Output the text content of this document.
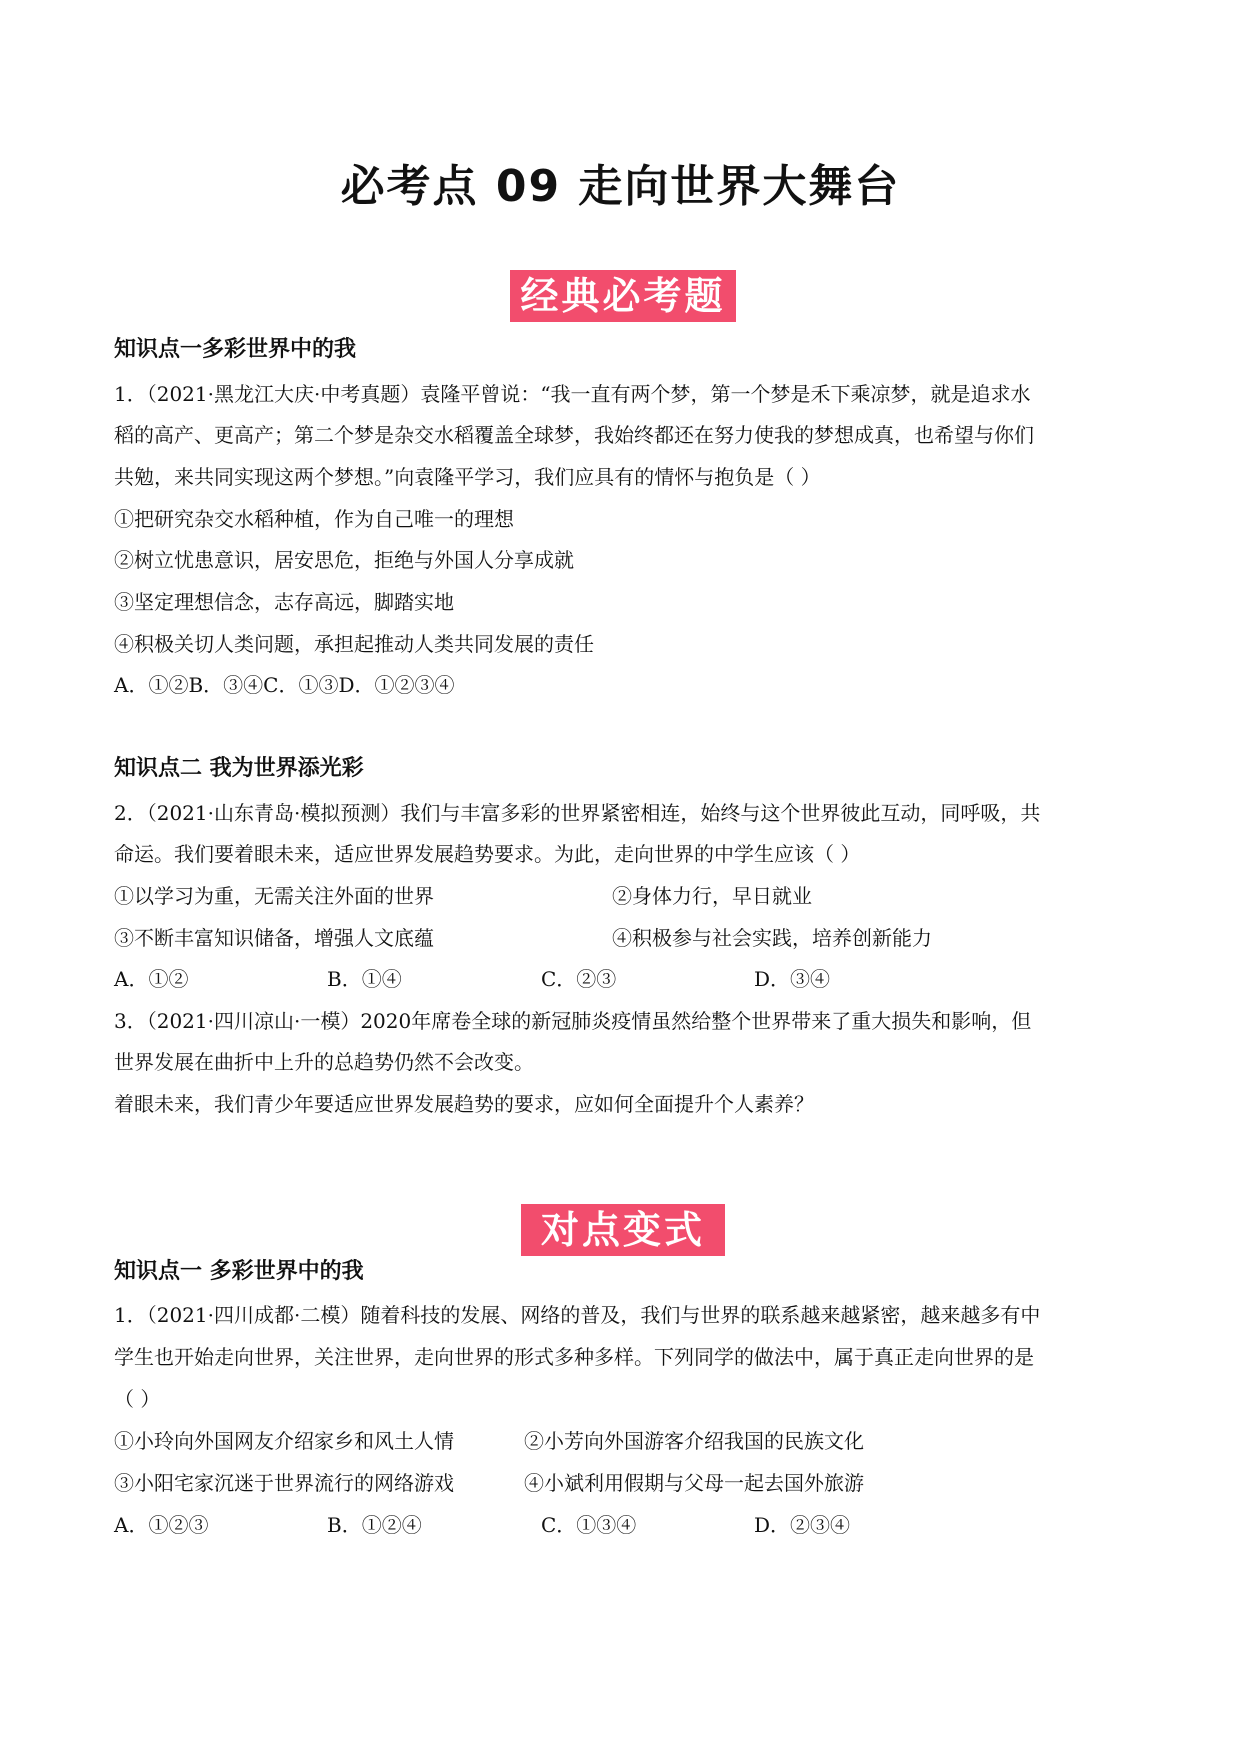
必考点 09 走向世界大舞台
经典必考题
知识点一多彩世界中的我
1．（2021·黑龙江大庆·中考真题）袁隆平曾说：“我一直有两个梦，第一个梦是禾下乘凉梦，就是追求水
稻的高产、更高产；第二个梦是杂交水稻覆盖全球梦，我始终都还在努力使我的梦想成真，也希望与你们
共勉，来共同实现这两个梦想。”向袁隆平学习，我们应具有的情怀与抱负是（ ）
①把研究杂交水稻种植，作为自己唯一的理想
②树立忧患意识，居安思危，拒绝与外国人分享成就
③坚定理想信念，志存高远，脚踏实地
④积极关切人类问题，承担起推动人类共同发展的责任
A．①②B．③④C．①③D．①②③④
知识点二 我为世界添光彩
2．（2021·山东青岛·模拟预测）我们与丰富多彩的世界紧密相连，始终与这个世界彼此互动，同呼吸，共
命运。我们要着眼未来，适应世界发展趋势要求。为此，走向世界的中学生应该（ ）
①以学习为重，无需关注外面的世界	②身体力行，早日就业
③不断丰富知识储备，增强人文底蕴	④积极参与社会实践，培养创新能力
A．①②	B．①④	C．②③	D．③④
3．（2021·四川凉山·一模）2020年席卷全球的新冠肺炎疫情虽然给整个世界带来了重大损失和影响，但
世界发展在曲折中上升的总趋势仍然不会改变。
着眼未来，我们青少年要适应世界发展趋势的要求，应如何全面提升个人素养？
对点变式练
知识点一 多彩世界中的我
1．（2021·四川成都·二模）随着科技的发展、网络的普及，我们与世界的联系越来越紧密，越来越多有中
学生也开始走向世界，关注世界，走向世界的形式多种多样。下列同学的做法中，属于真正走向世界的是
（ ）
①小玲向外国网友介绍家乡和风土人情	②小芳向外国游客介绍我国的民族文化
③小阳宅家沉迷于世界流行的网络游戏	④小斌利用假期与父母一起去国外旅游
A．①②③	B．①②④	C．①③④	D．②③④
